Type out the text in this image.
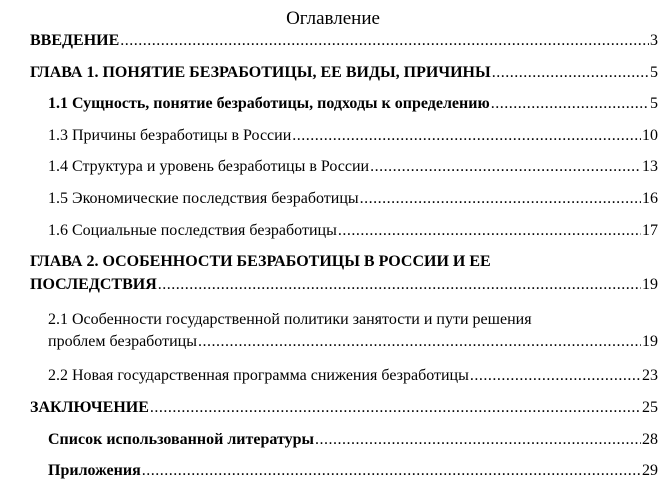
Оглавление
ВВЕДЕНИЕ .....	3
ГЛАВА 1. ПОНЯТИЕ БЕЗРАБОТИЦЫ, ЕЕ ВИДЫ, ПРИЧИНЫ .....	5
1.1 Сущность, понятие безработицы, подходы к определению .....	5
1.3 Причины безработицы в России .....	10
1.4 Структура и уровень безработицы в России .....	13
1.5 Экономические последствия безработицы .....	16
1.6 Социальные последствия безработицы .....	17
ГЛАВА 2. ОСОБЕННОСТИ БЕЗРАБОТИЦЫ В РОССИИ И ЕЕ
ПОСЛЕДСТВИЯ .....	19
2.1 Особенности государственной политики занятости и пути решения
проблем безработицы .....	19
2.2 Новая государственная программа снижения безработицы .....	23
ЗАКЛЮЧЕНИЕ .....	25
Список использованной литературы .....	28
Приложения .....	29
